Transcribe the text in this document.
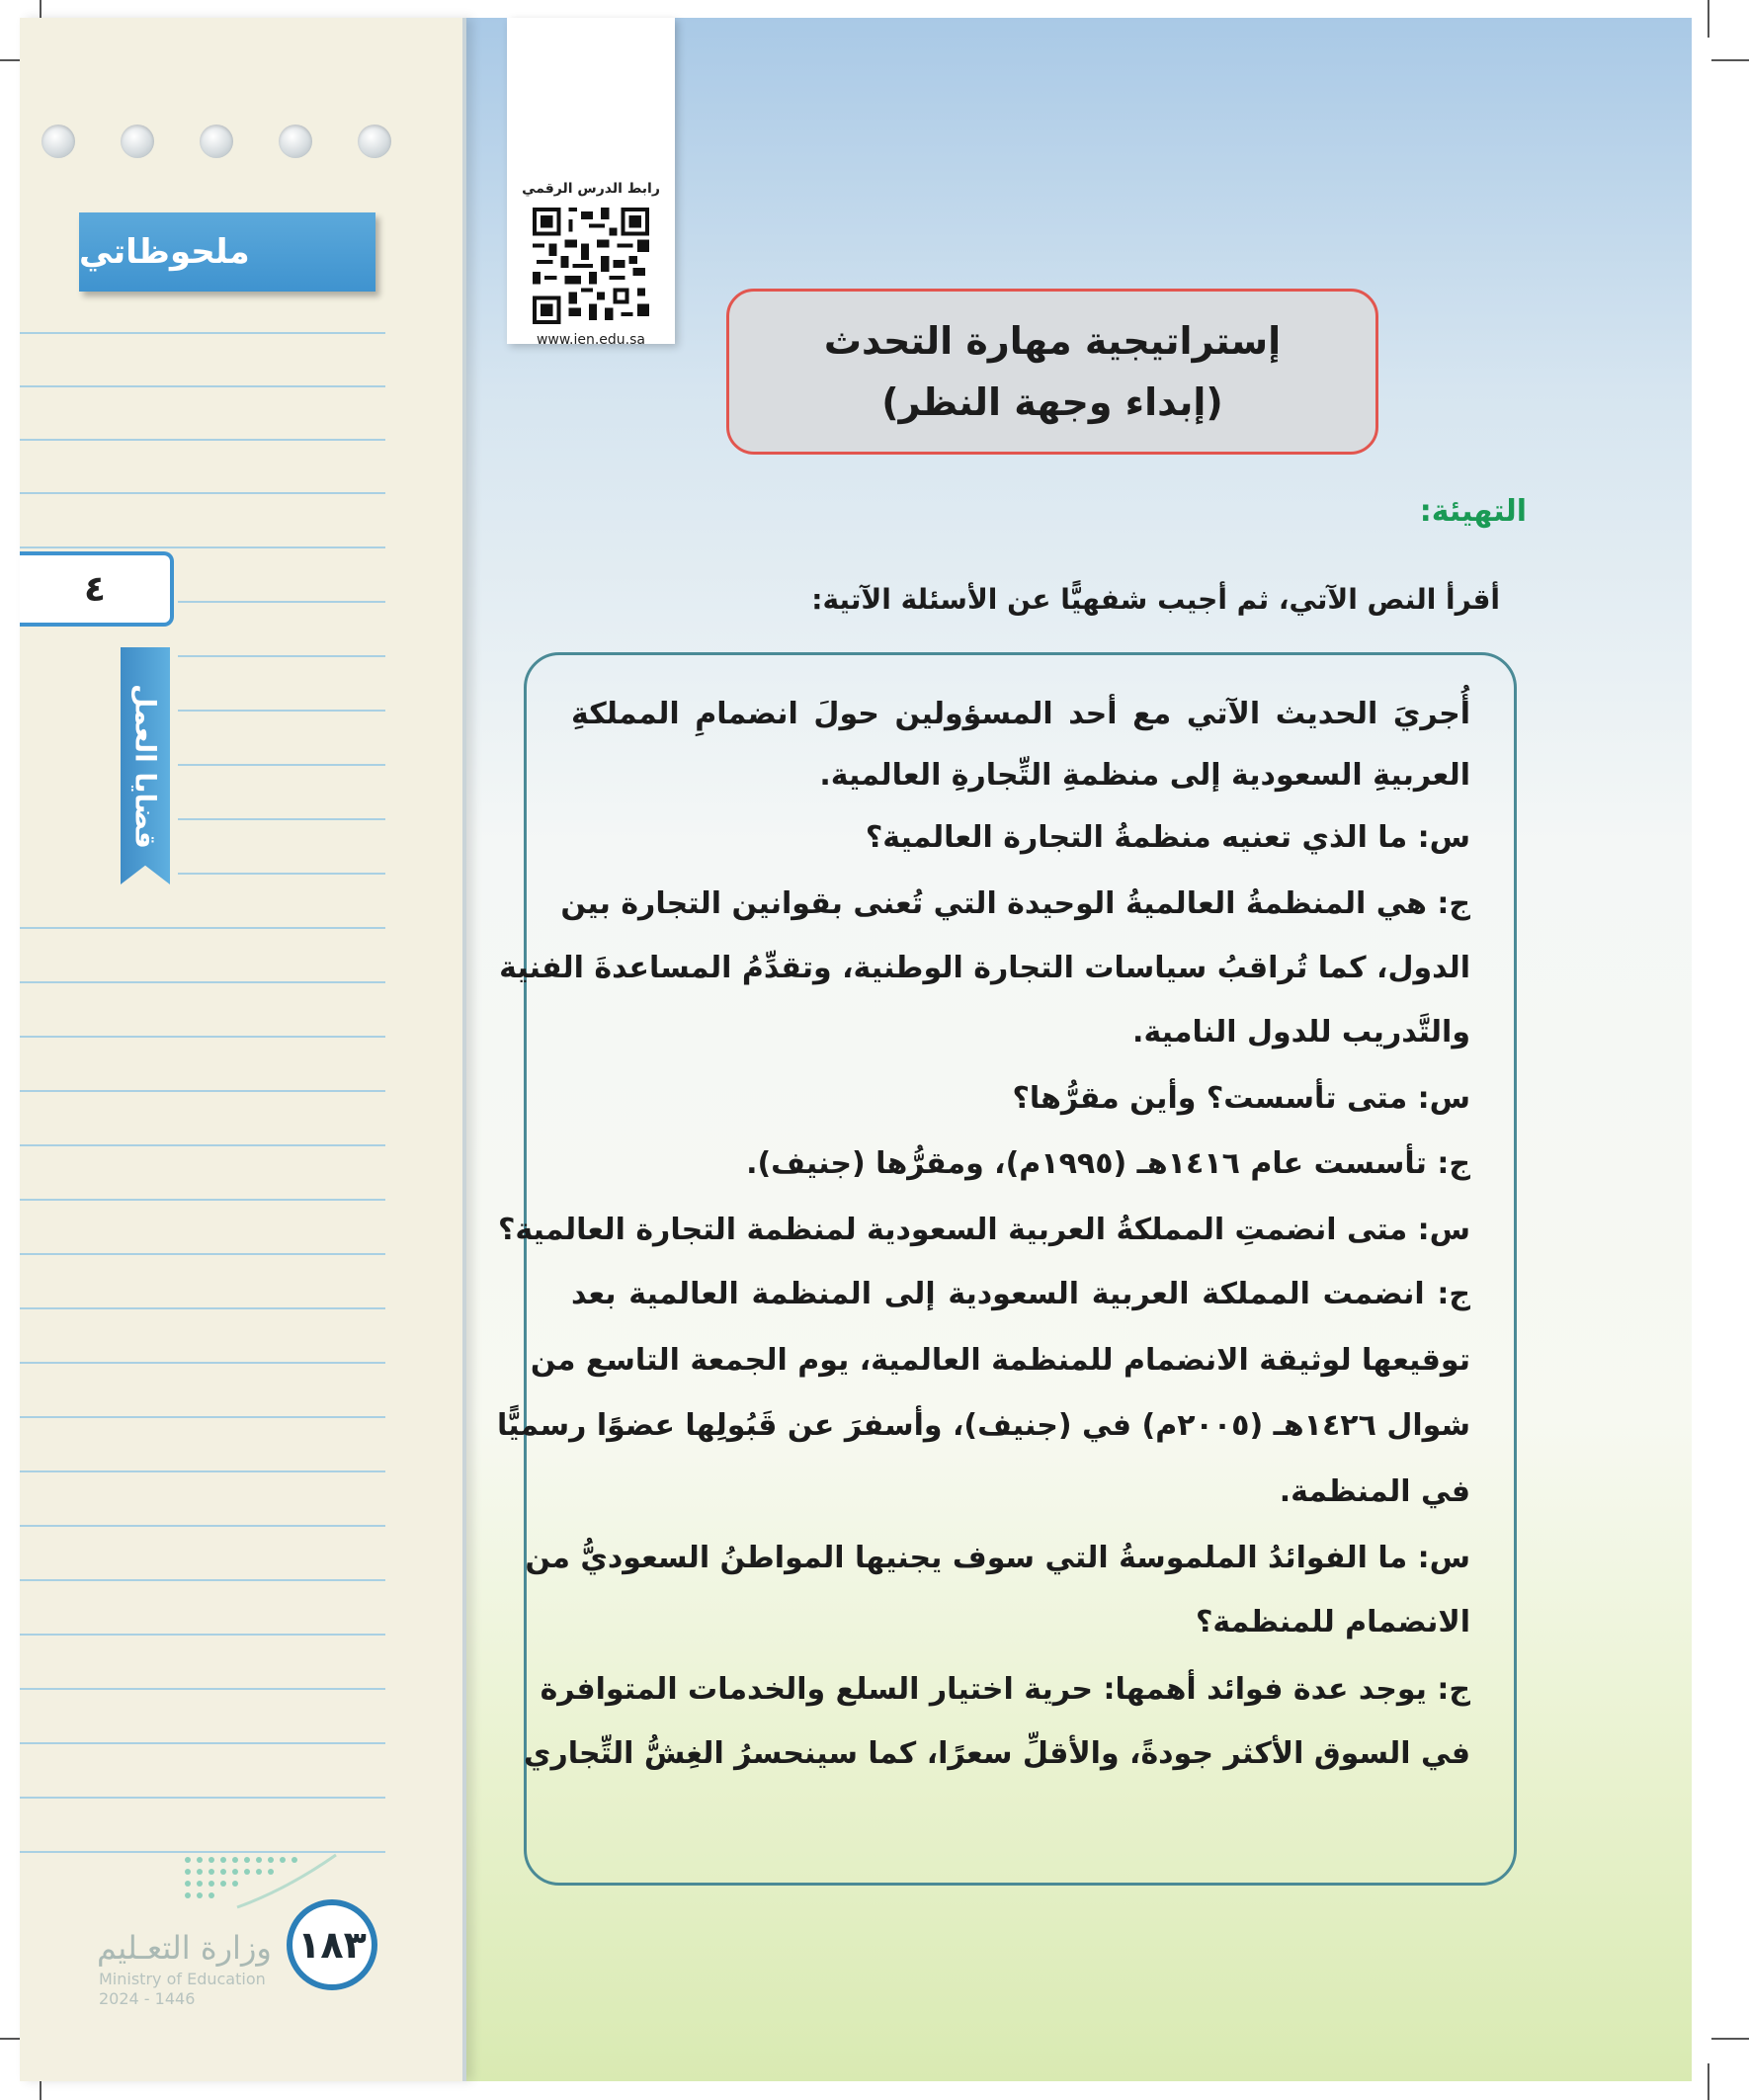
ملحوظاتي
٤
قضايا العمل
وزارة التعـليم
Ministry of Education
2024 - 1446
١٨٣
رابط الدرس الرقمي
www.ien.edu.sa	إستراتيجية مهارة التحدث
(إبداء وجهة النظر)
التهيئة:
أقرأ النص الآتي، ثم أجيب شفهيًّا عن الأسئلة الآتية:
أُجريَ الحديث الآتي مع أحد المسؤولين حولَ انضمامِ المملكةِ
العربيةِ السعودية إلى منظمةِ التِّجارةِ العالمية.
س: ما الذي تعنيه منظمةُ التجارة العالمية؟
ج: هي المنظمةُ العالميةُ الوحيدة التي تُعنى بقوانين التجارة بين
الدول، كما تُراقبُ سياسات التجارة الوطنية، وتقدِّمُ المساعدةَ الفنية
والتَّدريب للدول النامية.
س: متى تأسست؟ وأين مقرُّها؟
ج: تأسست عام ١٤١٦هـ (١٩٩٥م)، ومقرُّها (جنيف).
س: متى انضمتِ المملكةُ العربية السعودية لمنظمة التجارة العالمية؟
ج: انضمت المملكة العربية السعودية إلى المنظمة العالمية بعد
توقيعها لوثيقة الانضمام للمنظمة العالمية، يوم الجمعة التاسع من
شوال ١٤٢٦هـ (٢٠٠٥م) في (جنيف)، وأسفرَ عن قَبُولِها عضوًا رسميًّا
في المنظمة.
س: ما الفوائدُ الملموسةُ التي سوف يجنيها المواطنُ السعوديُّ من
الانضمام للمنظمة؟
ج: يوجد عدة فوائد أهمها: حرية اختيار السلع والخدمات المتوافرة
في السوق الأكثر جودةً، والأقلِّ سعرًا، كما سينحسرُ الغِشُّ التِّجاري
